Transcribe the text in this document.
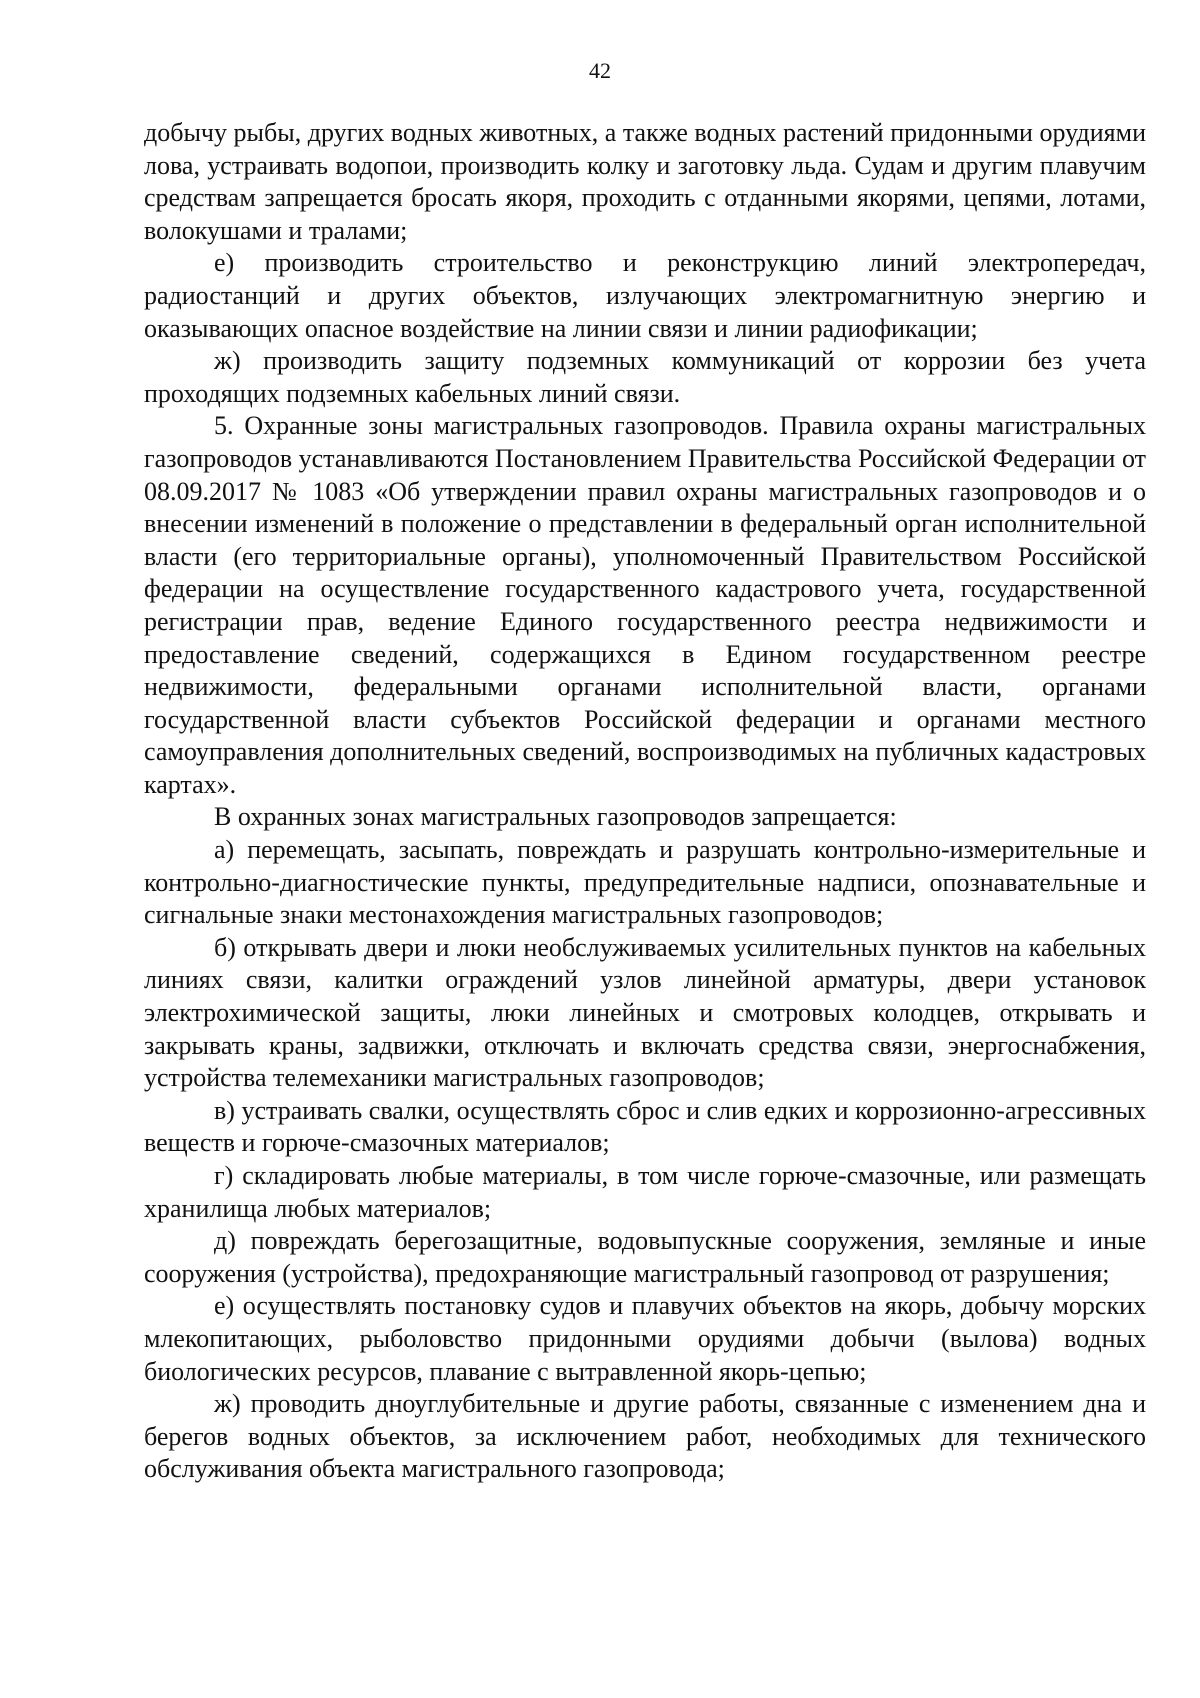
42

добычу рыбы, других водных животных, а также водных растений придонными орудиями лова, устраивать водопои, производить колку и заготовку льда. Судам и другим плавучим средствам запрещается бросать якоря, проходить с отданными якорями, цепями, лотами, волокушами и тралами;

е) производить строительство и реконструкцию линий электропередач, радиостанций и других объектов, излучающих электромагнитную энергию и оказывающих опасное воздействие на линии связи и линии радиофикации;

ж) производить защиту подземных коммуникаций от коррозии без учета проходящих подземных кабельных линий связи.

5. Охранные зоны магистральных газопроводов. Правила охраны магистральных газопроводов устанавливаются Постановлением Правительства Российской Федерации от 08.09.2017 № 1083 «Об утверждении правил охраны магистральных газопроводов и о внесении изменений в положение о представлении в федеральный орган исполнительной власти (его территориальные органы), уполномоченный Правительством Российской федерации на осуществление государственного кадастрового учета, государственной регистрации прав, ведение Единого государственного реестра недвижимости и предоставление сведений, содержащихся в Едином государственном реестре недвижимости, федеральными органами исполнительной власти, органами государственной власти субъектов Российской федерации и органами местного самоуправления дополнительных сведений, воспроизводимых на публичных кадастровых картах».

В охранных зонах магистральных газопроводов запрещается:

а) перемещать, засыпать, повреждать и разрушать контрольно-измерительные и контрольно-диагностические пункты, предупредительные надписи, опознавательные и сигнальные знаки местонахождения магистральных газопроводов;

б) открывать двери и люки необслуживаемых усилительных пунктов на кабельных линиях связи, калитки ограждений узлов линейной арматуры, двери установок электрохимической защиты, люки линейных и смотровых колодцев, открывать и закрывать краны, задвижки, отключать и включать средства связи, энергоснабжения, устройства телемеханики магистральных газопроводов;

в) устраивать свалки, осуществлять сброс и слив едких и коррозионно-агрессивных веществ и горюче-смазочных материалов;

г) складировать любые материалы, в том числе горюче-смазочные, или размещать хранилища любых материалов;

д) повреждать берегозащитные, водовыпускные сооружения, земляные и иные сооружения (устройства), предохраняющие магистральный газопровод от разрушения;

е) осуществлять постановку судов и плавучих объектов на якорь, добычу морских млекопитающих, рыболовство придонными орудиями добычи (вылова) водных биологических ресурсов, плавание с вытравленной якорь-цепью;

ж) проводить дноуглубительные и другие работы, связанные с изменением дна и берегов водных объектов, за исключением работ, необходимых для технического обслуживания объекта магистрального газопровода;
